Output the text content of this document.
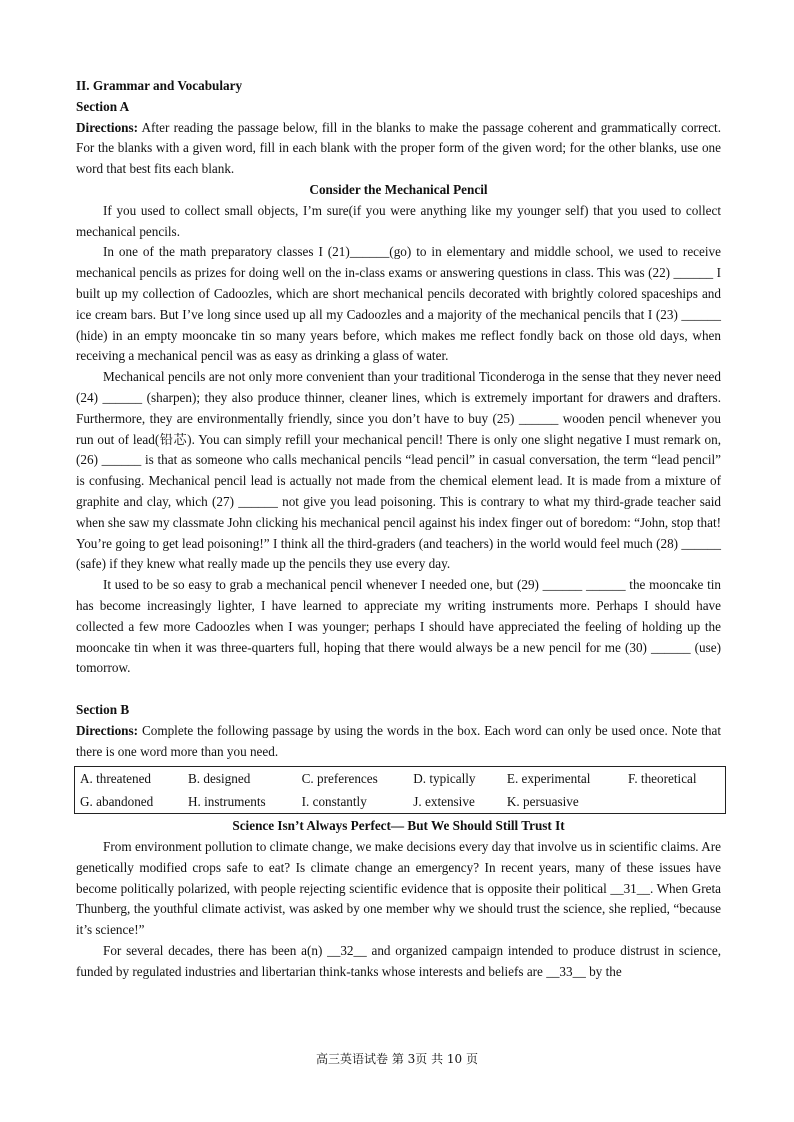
II. Grammar and Vocabulary

Section A

Directions: After reading the passage below, fill in the blanks to make the passage coherent and grammatically correct. For the blanks with a given word, fill in each blank with the proper form of the given word; for the other blanks, use one word that best fits each blank.

Consider the Mechanical Pencil

If you used to collect small objects, I’m sure(if you were anything like my younger self) that you used to collect mechanical pencils.

In one of the math preparatory classes I (21)______(go) to in elementary and middle school, we used to receive mechanical pencils as prizes for doing well on the in-class exams or answering questions in class. This was (22) ______ I built up my collection of Cadoozles, which are short mechanical pencils decorated with brightly colored spaceships and ice cream bars. But I’ve long since used up all my Cadoozles and a majority of the mechanical pencils that I (23) ______ (hide) in an empty mooncake tin so many years before, which makes me reflect fondly back on those old days, when receiving a mechanical pencil was as easy as drinking a glass of water.

Mechanical pencils are not only more convenient than your traditional Ticonderoga in the sense that they never need (24) ______ (sharpen); they also produce thinner, cleaner lines, which is extremely important for drawers and drafters. Furthermore, they are environmentally friendly, since you don’t have to buy (25) ______ wooden pencil whenever you run out of lead(铅芯). You can simply refill your mechanical pencil! There is only one slight negative I must remark on, (26) ______ is that as someone who calls mechanical pencils “lead pencil” in casual conversation, the term “lead pencil” is confusing. Mechanical pencil lead is actually not made from the chemical element lead. It is made from a mixture of graphite and clay, which (27) ______ not give you lead poisoning. This is contrary to what my third-grade teacher said when she saw my classmate John clicking his mechanical pencil against his index finger out of boredom: “John, stop that! You’re going to get lead poisoning!” I think all the third-graders (and teachers) in the world would feel much (28) ______ (safe) if they knew what really made up the pencils they use every day.

It used to be so easy to grab a mechanical pencil whenever I needed one, but (29) ______ ______ the mooncake tin has become increasingly lighter, I have learned to appreciate my writing instruments more. Perhaps I should have collected a few more Cadoozles when I was younger; perhaps I should have appreciated the feeling of holding up the mooncake tin when it was three-quarters full, hoping that there would always be a new pencil for me (30) ______ (use) tomorrow.

Section B

Directions: Complete the following passage by using the words in the box. Each word can only be used once. Note that there is one word more than you need.

A. threatened	B. designed	C. preferences	D. typically	E. experimental	F. theoretical
G. abandoned	H. instruments	I. constantly	J. extensive	K. persuasive	

Science Isn’t Always Perfect— But We Should Still Trust It

From environment pollution to climate change, we make decisions every day that involve us in scientific claims. Are genetically modified crops safe to eat? Is climate change an emergency? In recent years, many of these issues have become politically polarized, with people rejecting scientific evidence that is opposite their political __31__. When Greta Thunberg, the youthful climate activist, was asked by one member why we should trust the science, she replied, “because it’s science!”

For several decades, there has been a(n) __32__ and organized campaign intended to produce distrust in science, funded by regulated industries and libertarian think-tanks whose interests and beliefs are __33__ by the

高三英语试卷 第 3页 共 10 页
